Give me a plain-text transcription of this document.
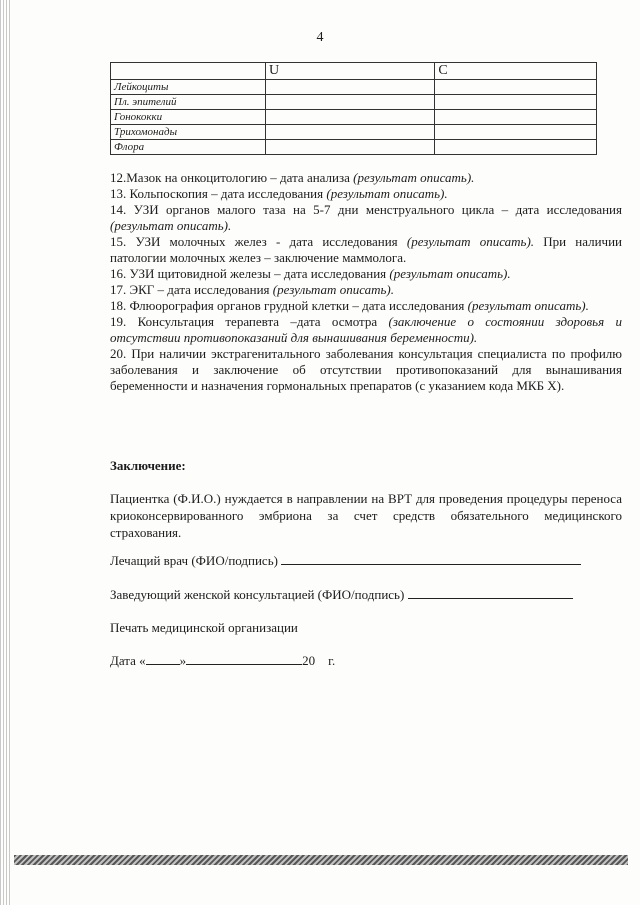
4
	U	C
Лейкоциты		
Пл. эпителий		
Гонококки		
Трихомонады		
Флора		

12.Мазок на онкоцитологию – дата анализа (результат описать).

13. Кольпоскопия – дата исследования (результат описать).

14. УЗИ органов малого таза на 5-7 дни менструального цикла – дата исследования (результат описать).

15. УЗИ молочных желез - дата исследования (результат описать). При наличии патологии молочных желез – заключение маммолога.

16. УЗИ щитовидной железы – дата исследования (результат описать).

17. ЭКГ – дата исследования (результат описать).

18. Флюорография органов грудной клетки – дата исследования (результат описать).

19. Консультация терапевта –дата осмотра (заключение о состоянии здоровья и отсутствии противопоказаний для вынашивания беременности).

20. При наличии экстрагенитального заболевания консультация специалиста по профилю заболевания и заключение об отсутствии противопоказаний для вынашивания беременности и назначения гормональных препаратов (с указанием кода МКБ X).

Заключение:
Пациентка (Ф.И.О.) нуждается в направлении на ВРТ для проведения процедуры переноса криоконсервированного эмбриона за счет средств обязательного медицинского страхования.
Лечащий врач (ФИО/подпись)
Заведующий женской консультацией (ФИО/подпись)
Печать медицинской организации
Дата «	»	20 г.
